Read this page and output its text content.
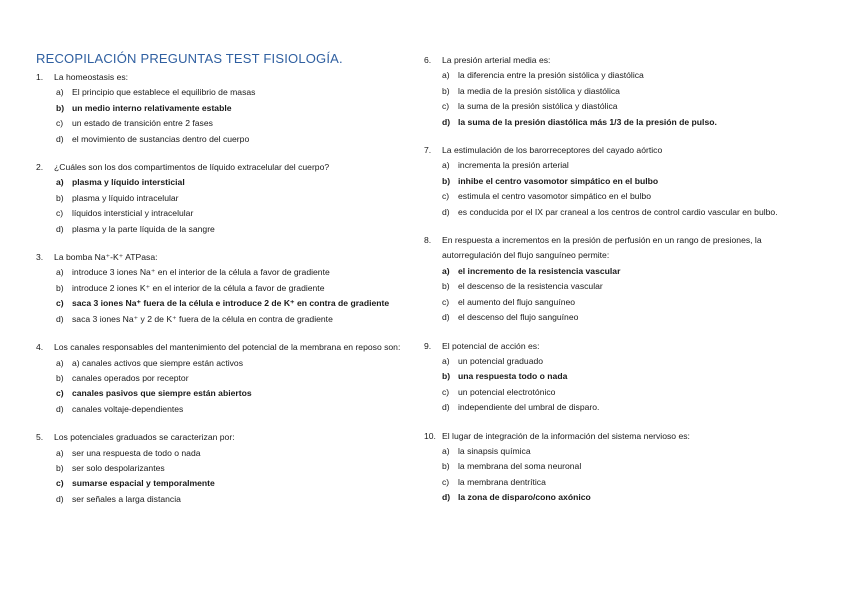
RECOPILACIÓN PREGUNTAS TEST FISIOLOGÍA.
1.	La homeostasis es:
a) El principio que establece el equilibrio de masas
b) un medio interno relativamente estable
c)	un estado de transición entre 2 fases
d) el movimiento de sustancias dentro del cuerpo
2.	¿Cuáles son los dos compartimentos de líquido extracelular del cuerpo?
a) plasma y líquido intersticial
b) plasma y líquido intracelular
c)	líquidos intersticial y intracelular
d) plasma y la parte líquida de la sangre
3.	La bomba Na⁺-K⁺ ATPasa:
a) introduce 3 iones Na⁺ en el interior de la célula a favor de gradiente
b) introduce 2 iones K⁺ en el interior de la célula a favor de gradiente
c) saca 3 iones Na⁺ fuera de la célula e introduce 2 de K⁺ en contra de gradiente
d) saca 3 iones Na⁺ y 2 de K⁺ fuera de la célula en contra de gradiente
4.	Los canales responsables del mantenimiento del potencial de la membrana en reposo son:
a) a) canales activos que siempre están activos
b) canales operados por receptor
c) canales pasivos que siempre están abiertos
d) canales voltaje-dependientes
5.	Los potenciales graduados se caracterizan por:
a) ser una respuesta de todo o nada
b) ser solo despolarizantes
c) sumarse espacial y temporalmente
d) ser señales a larga distancia
6.	La presión arterial media es:
a) la diferencia entre la presión sistólica y diastólica
b) la media de la presión sistólica y diastólica
c)	la suma de la presión sistólica y diastólica
d) la suma de la presión diastólica más 1/3 de la presión de pulso.
7.	La estimulación de los barorreceptores del cayado aórtico
a) incrementa la presión arterial
b) inhibe el centro vasomotor simpático en el bulbo
c)	estimula el centro vasomotor simpático en el bulbo
d) es conducida por el IX par craneal a los centros de control cardio vascular en bulbo.
8.	En respuesta a incrementos en la presión de perfusión en un rango de presiones, la autorregulación del flujo sanguíneo permite:
a) el incremento de la resistencia vascular
b) el descenso de la resistencia vascular
c)	el aumento del flujo sanguíneo
d) el descenso del flujo sanguíneo
9.	El potencial de acción es:
a) un potencial graduado
b) una respuesta todo o nada
c)	un potencial electrotónico
d) independiente del umbral de disparo.
10. El lugar de integración de la información del sistema nervioso es:
a) la sinapsis química
b) la membrana del soma neuronal
c)	la membrana dentrítica
d) la zona de disparo/cono axónico
